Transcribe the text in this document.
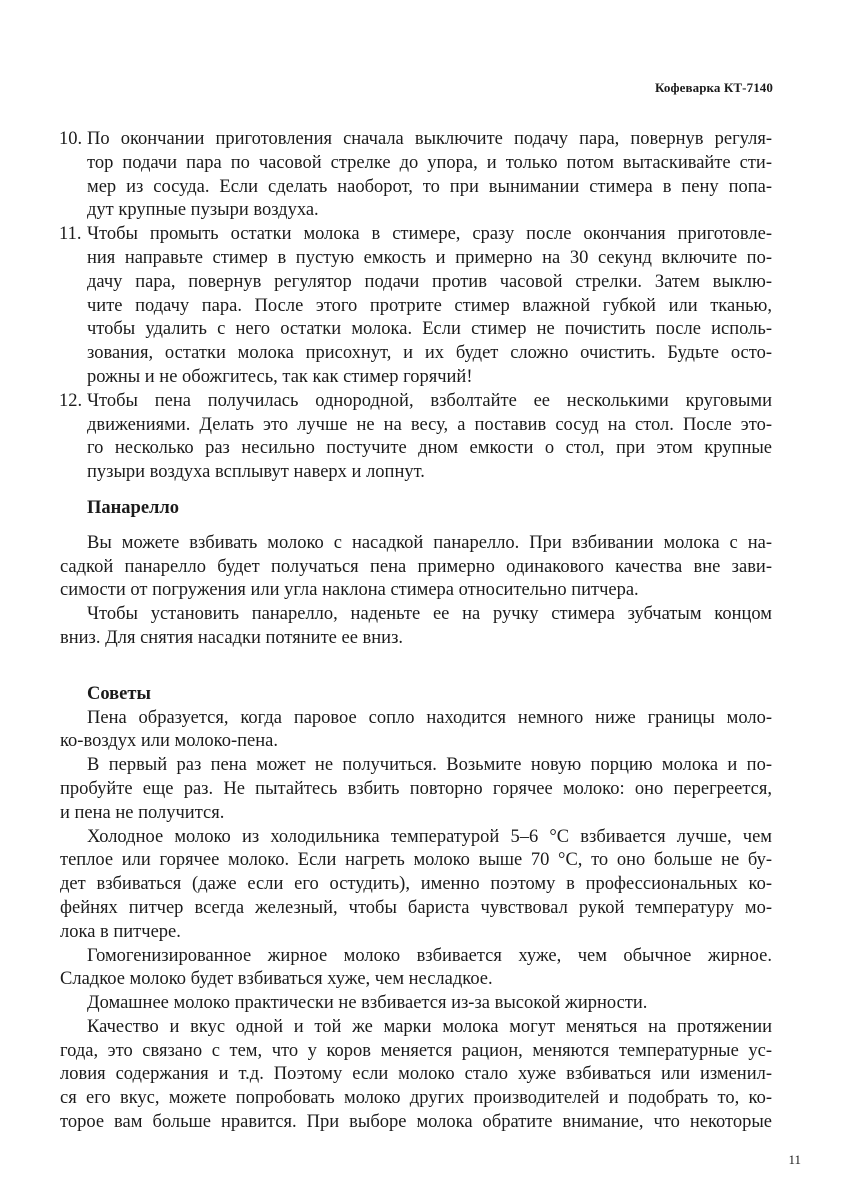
Кофеварка КТ-7140
10. По окончании приготовления сначала выключите подачу пара, повернув регуля-
тор подачи пара по часовой стрелке до упора, и только потом вытаскивайте сти-
мер из сосуда. Если сделать наоборот, то при вынимании стимера в пену попа-
дут крупные пузыри воздуха.
11. Чтобы промыть остатки молока в стимере, сразу после окончания приготовле-
ния направьте стимер в пустую емкость и примерно на 30 секунд включите по-
дачу пара, повернув регулятор подачи против часовой стрелки. Затем выклю-
чите подачу пара. После этого протрите стимер влажной губкой или тканью,
чтобы удалить с него остатки молока. Если стимер не почистить после исполь-
зования, остатки молока присохнут, и их будет сложно очистить. Будьте осто-
рожны и не обожгитесь, так как стимер горячий!
12. Чтобы пена получилась однородной, взболтайте ее несколькими круговыми
движениями. Делать это лучше не на весу, а поставив сосуд на стол. После это-
го несколько раз несильно постучите дном емкости о стол, при этом крупные
пузыри воздуха всплывут наверх и лопнут.

Панарелло

Вы можете взбивать молоко с насадкой панарелло. При взбивании молока с на-
садкой панарелло будет получаться пена примерно одинакового качества вне зави-
симости от погружения или угла наклона стимера относительно питчера.

Чтобы установить панарелло, наденьте ее на ручку стимера зубчатым концом
вниз. Для снятия насадки потяните ее вниз.

Советы

Пена образуется, когда паровое сопло находится немного ниже границы моло-
ко-воздух или молоко-пена.

В первый раз пена может не получиться. Возьмите новую порцию молока и по-
пробуйте еще раз. Не пытайтесь взбить повторно горячее молоко: оно перегреется,
и пена не получится.

Холодное молоко из холодильника температурой 5–6 °C взбивается лучше, чем
теплое или горячее молоко. Если нагреть молоко выше 70 °C, то оно больше не бу-
дет взбиваться (даже если его остудить), именно поэтому в профессиональных ко-
фейнях питчер всегда железный, чтобы бариста чувствовал рукой температуру мо-
лока в питчере.

Гомогенизированное жирное молоко взбивается хуже, чем обычное жирное.
Сладкое молоко будет взбиваться хуже, чем несладкое.

Домашнее молоко практически не взбивается из-за высокой жирности.

Качество и вкус одной и той же марки молока могут меняться на протяжении
года, это связано с тем, что у коров меняется рацион, меняются температурные ус-
ловия содержания и т.д. Поэтому если молоко стало хуже взбиваться или изменил-
ся его вкус, можете попробовать молоко других производителей и подобрать то, ко-
торое вам больше нравится. При выборе молока обратите внимание, что некоторые

11
